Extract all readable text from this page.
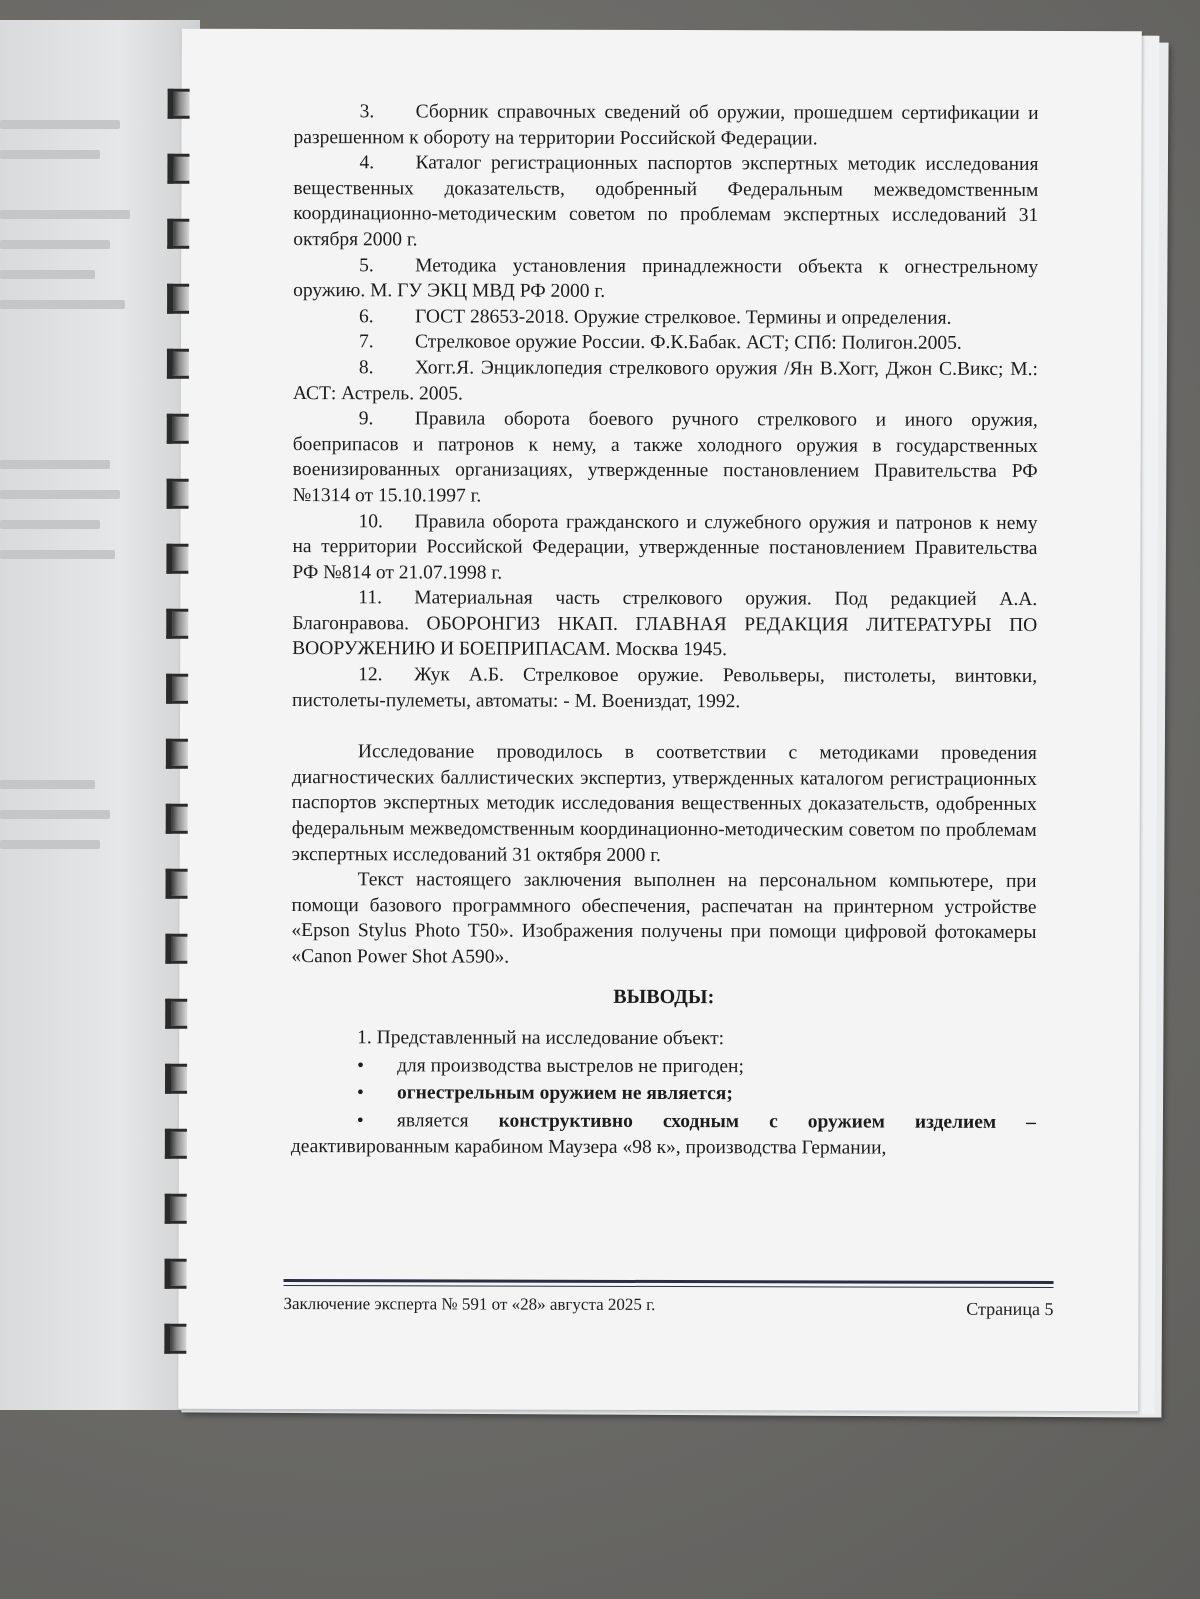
3. Сборник справочных сведений об оружии, прошедшем сертификации и разрешенном к обороту на территории Российской Федерации.

4. Каталог регистрационных паспортов экспертных методик исследования вещественных доказательств, одобренный Федеральным межведомственным координационно-методическим советом по проблемам экспертных исследований 31 октября 2000 г.

5. Методика установления принадлежности объекта к огнестрельному оружию. М. ГУ ЭКЦ МВД РФ 2000 г.

6. ГОСТ 28653-2018. Оружие стрелковое. Термины и определения.

7. Стрелковое оружие России. Ф.К.Бабак. АСТ; СПб: Полигон.2005.

8. Хогг.Я. Энциклопедия стрелкового оружия /Ян В.Хогг, Джон С.Викс; М.: АСТ: Астрель. 2005.

9. Правила оборота боевого ручного стрелкового и иного оружия, боеприпасов и патронов к нему, а также холодного оружия в государственных военизированных организациях, утвержденные постановлением Правительства РФ №1314 от 15.10.1997 г.

10. Правила оборота гражданского и служебного оружия и патронов к нему на территории Российской Федерации, утвержденные постановлением Правительства РФ №814 от 21.07.1998 г.

11. Материальная часть стрелкового оружия. Под редакцией А.А. Благонравова. ОБОРОНГИЗ НКАП. ГЛАВНАЯ РЕДАКЦИЯ ЛИТЕРАТУРЫ ПО ВООРУЖЕНИЮ И БОЕПРИПАСАМ. Москва 1945.

12. Жук А.Б. Стрелковое оружие. Револьверы, пистолеты, винтовки, пистолеты-пулеметы, автоматы: - М. Воениздат, 1992.

Исследование проводилось в соответствии с методиками проведения диагностических баллистических экспертиз, утвержденных каталогом регистрационных паспортов экспертных методик исследования вещественных доказательств, одобренных федеральным межведомственным координационно-методическим советом по проблемам экспертных исследований 31 октября 2000 г.

Текст настоящего заключения выполнен на персональном компьютере, при помощи базового программного обеспечения, распечатан на принтерном устройстве «Epson Stylus Photo T50». Изображения получены при помощи цифровой фотокамеры «Canon Power Shot A590».

ВЫВОДЫ:
1. Представленный на исследование объект:
•	для производства выстрелов не пригоден;
•	огнестрельным оружием не является;

• является конструктивно сходным с оружием изделием – деактивированным карабином Маузера «98 к», производства Германии,

Заключение эксперта № 591 от «28» августа 2025 г.	Страница 5
